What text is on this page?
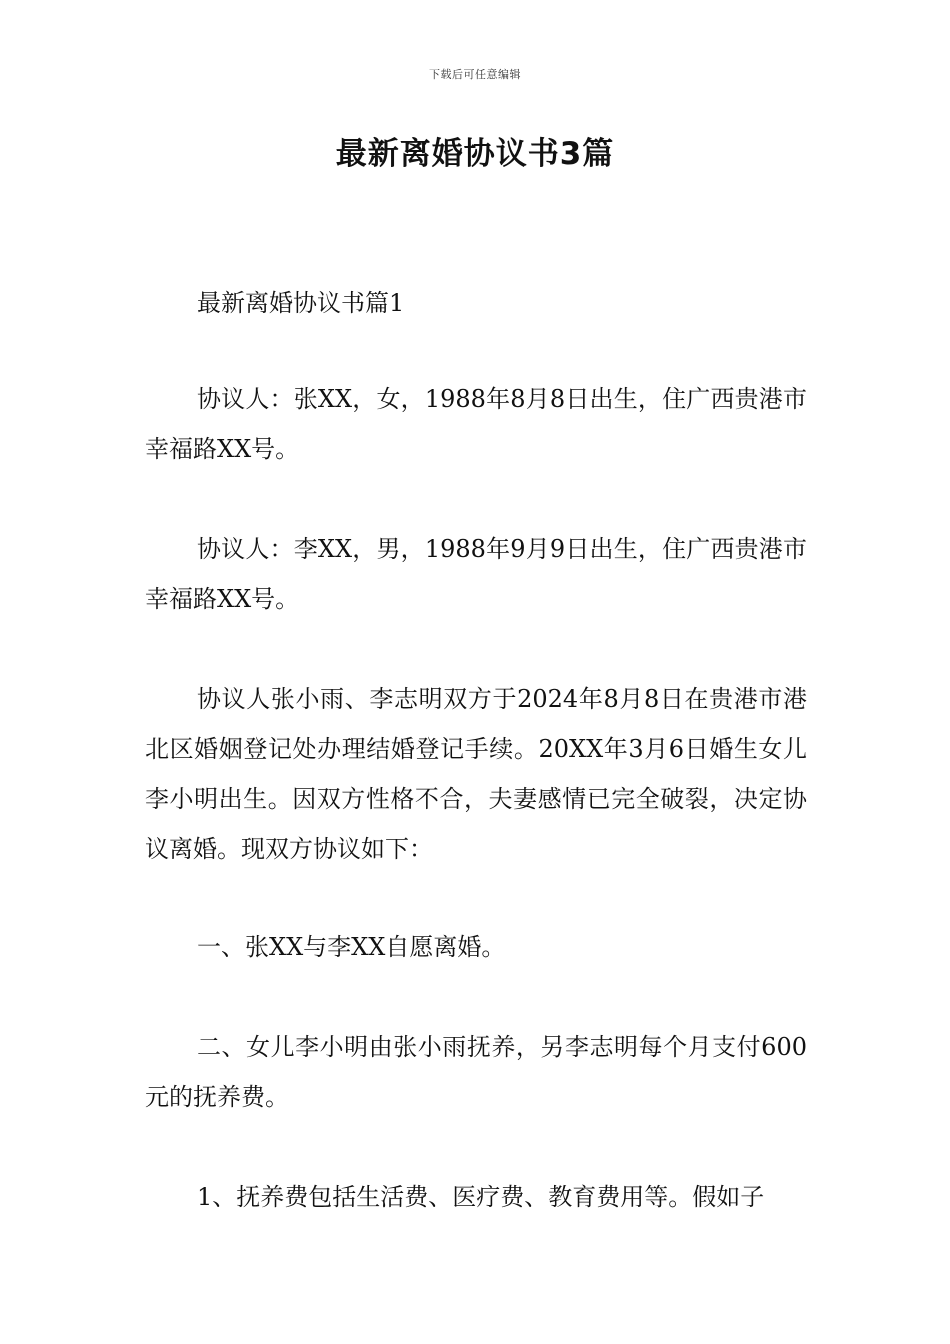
下载后可任意编辑
最新离婚协议书3篇

最新离婚协议书篇1

协议人：张XX，女，1988年8月8日出生，住广西贵港市幸福路XX号。

协议人：李XX，男，1988年9月9日出生，住广西贵港市幸福路XX号。

协议人张小雨、李志明双方于2024年8月8日在贵港市港北区婚姻登记处办理结婚登记手续。20XX年3月6日婚生女儿李小明出生。因双方性格不合，夫妻感情已完全破裂，决定协议离婚。现双方协议如下：

一、张XX与李XX自愿离婚。

二、女儿李小明由张小雨抚养，另李志明每个月支付600元的抚养费。

1、抚养费包括生活费、医疗费、教育费用等。假如子
